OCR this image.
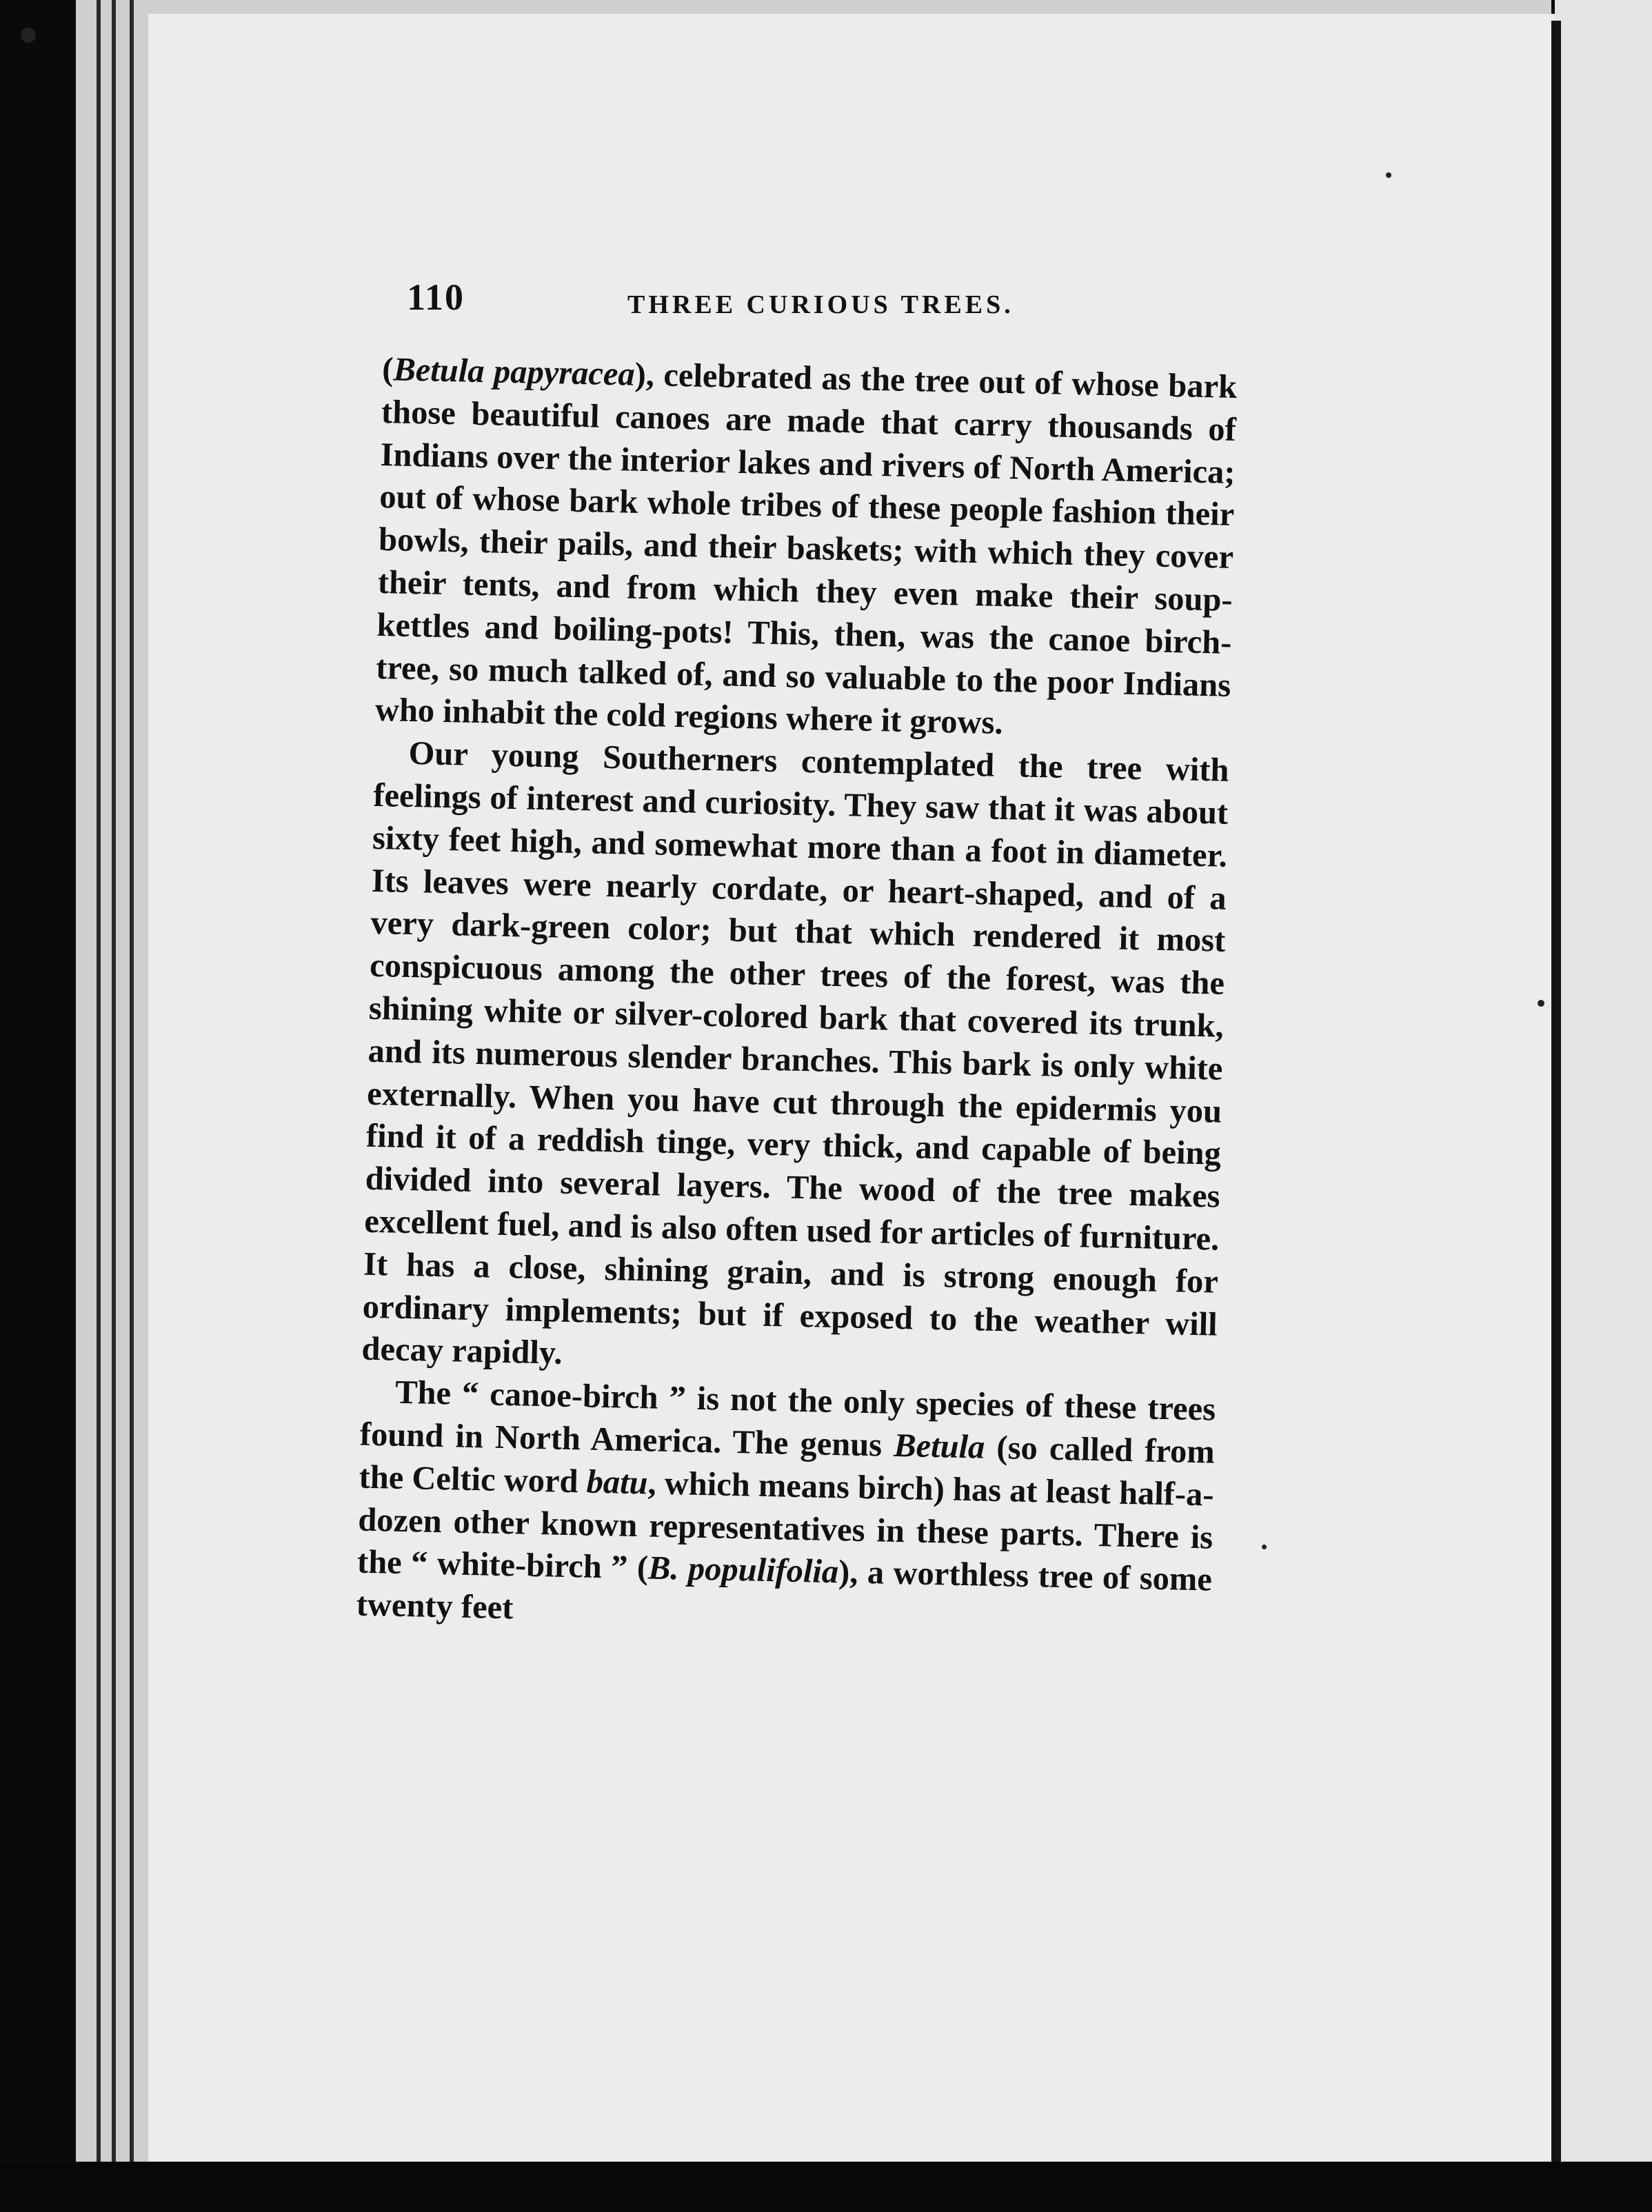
110	THREE CURIOUS TREES.

(Betula papyracea), celebrated as the tree out of whose bark those beautiful canoes are made that carry thousands of Indians over the interior lakes and rivers of North America; out of whose bark whole tribes of these people fashion their bowls, their pails, and their baskets; with which they cover their tents, and from which they even make their soup-kettles and boiling-pots! This, then, was the canoe birch-tree, so much talked of, and so valuable to the poor Indians who inhabit the cold regions where it grows.

Our young Southerners contemplated the tree with feelings of interest and curiosity. They saw that it was about sixty feet high, and somewhat more than a foot in diameter. Its leaves were nearly cordate, or heart-shaped, and of a very dark-green color; but that which rendered it most conspicuous among the other trees of the forest, was the shining white or silver-colored bark that covered its trunk, and its numerous slender branches. This bark is only white externally. When you have cut through the epidermis you find it of a reddish tinge, very thick, and capable of being divided into several layers. The wood of the tree makes excellent fuel, and is also often used for articles of furniture. It has a close, shining grain, and is strong enough for ordinary implements; but if exposed to the weather will decay rapidly.

The “ canoe-birch ” is not the only species of these trees found in North America. The genus Betula (so called from the Celtic word batu, which means birch) has at least half-a-dozen other known representatives in these parts. There is the “ white-birch ” (B. populifolia), a worthless tree of some twenty feet
